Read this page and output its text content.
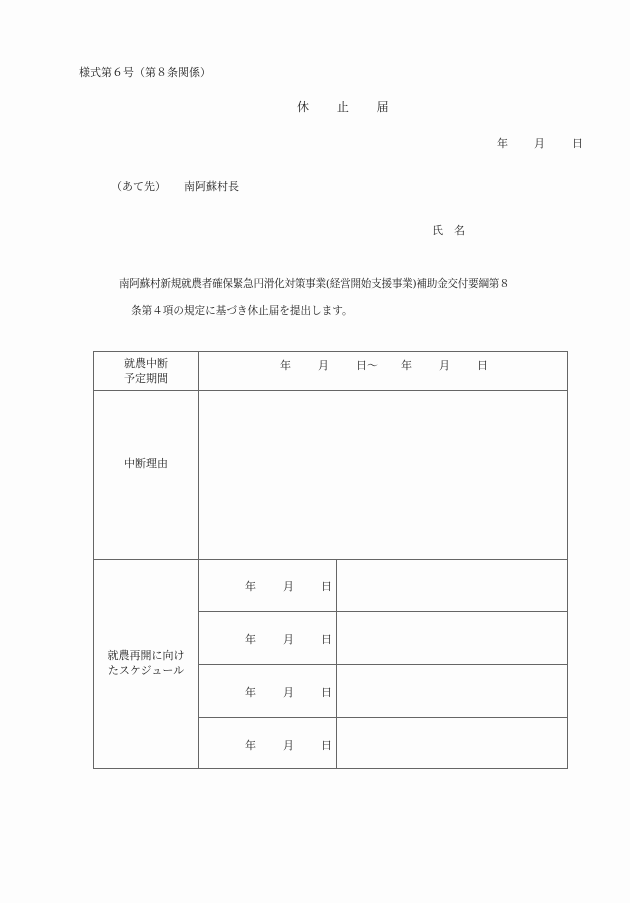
様式第６号（第８条関係）
休 止 届
年 月 日
（あて先） 南阿蘇村長
氏　名
南阿蘇村新規就農者確保緊急円滑化対策事業(経営開始支援事業)補助金交付要綱第８
条第４項の規定に基づき休止届を提出します。
就農中断
予定期間
年 月 日～ 年 月 日
中断理由
就農再開に向け
たスケジュール
年 月 日
年 月 日
年 月 日
年 月 日
